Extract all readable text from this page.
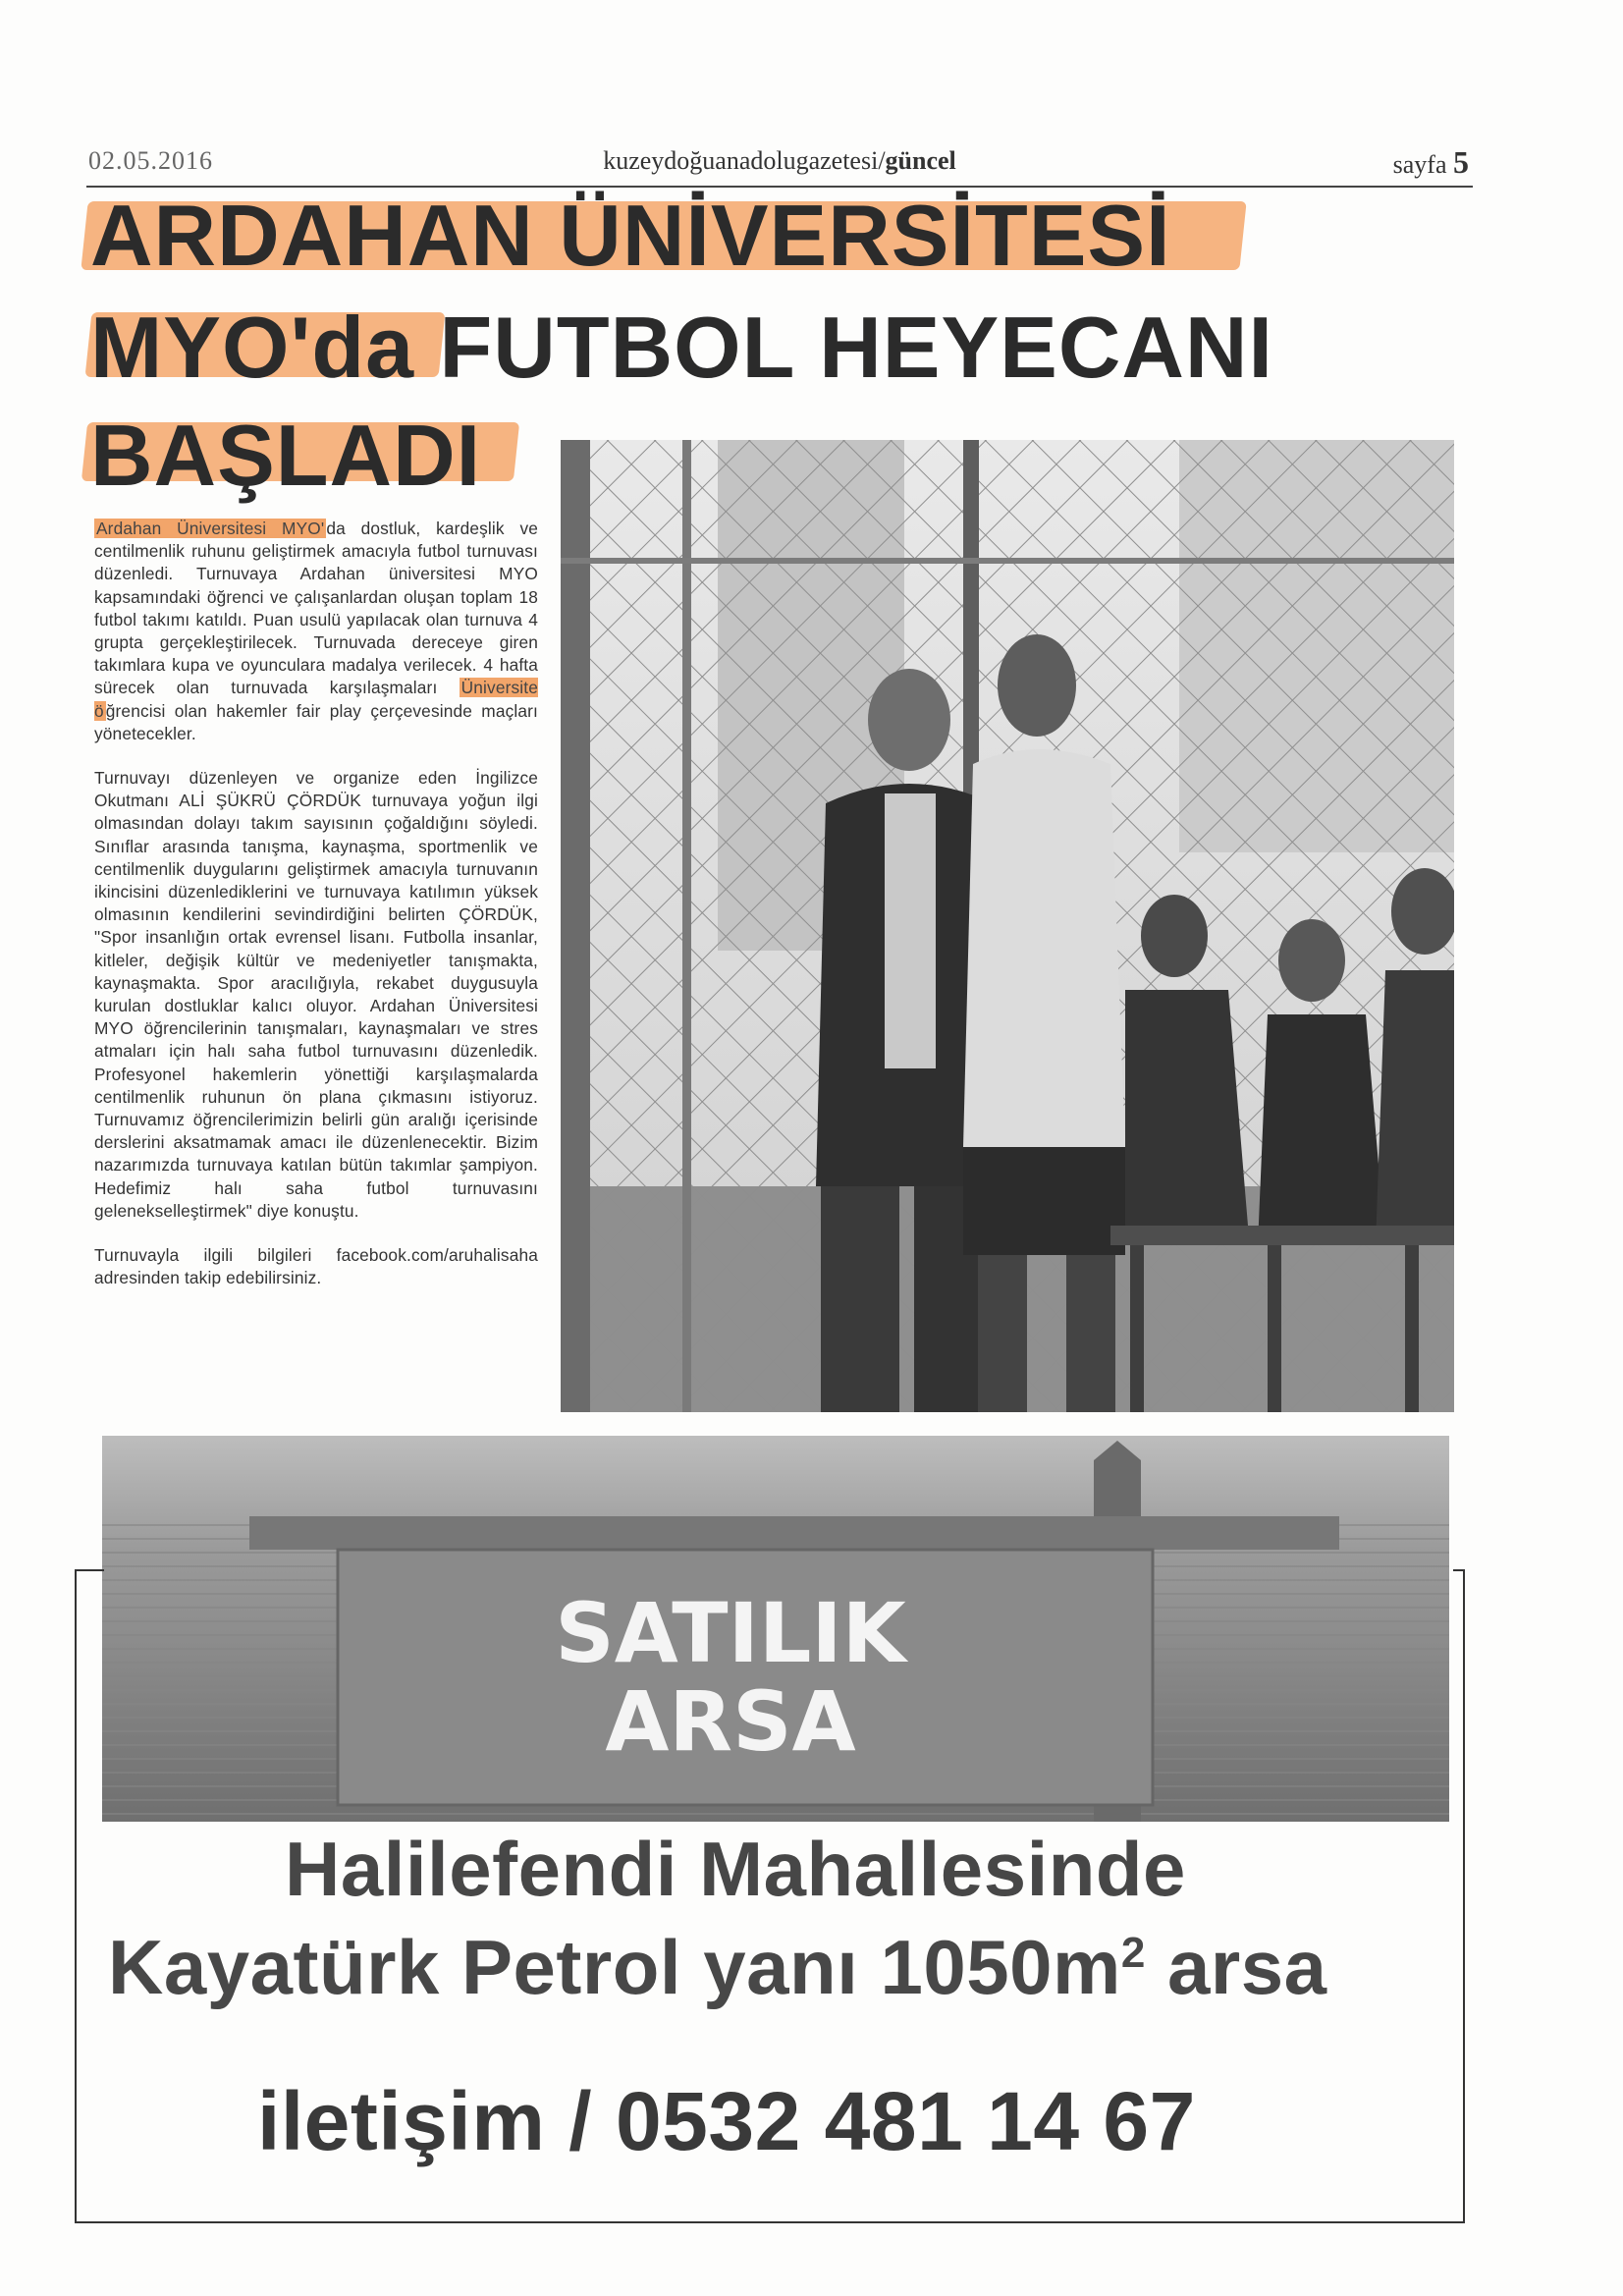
02.05.2016	kuzeydoğuanadolugazetesi/güncel	sayfa 5
ARDAHAN ÜNİVERSİTESİ
MYO'da FUTBOL HEYECANI
BAŞLADI

Ardahan Üniversitesi MYO' da dostluk, kardeşlik ve centilmenlik ruhunu geliştirmek amacıyla futbol turnuvası düzenledi. Turnuvaya Ardahan üniversitesi MYO kapsamındaki öğrenci ve çalışanlardan oluşan toplam 18 futbol takımı katıldı. Puan usulü yapılacak olan turnuva 4 grupta gerçekleştirilecek. Turnuvada dereceye giren takımlara kupa ve oyunculara madalya verilecek. 4 hafta sürecek olan turnuvada karşılaşmaları Üniversite ö ğrencisi olan hakemler fair play çerçevesinde maçları yönetecekler.

Turnuvayı düzenleyen ve organize eden İngilizce Okutmanı ALİ ŞÜKRÜ ÇÖRDÜK turnuvaya yoğun ilgi olmasından dolayı takım sayısının çoğaldığını söyledi. Sınıflar arasında tanışma, kaynaşma, sportmenlik ve centilmenlik duygularını geliştirmek amacıyla turnuvanın ikincisini düzenlediklerini ve turnuvaya katılımın yüksek olmasının kendilerini sevindirdiğini belirten ÇÖRDÜK, "Spor insanlığın ortak evrensel lisanı. Futbolla insanlar, kitleler, değişik kültür ve medeniyetler tanışmakta, kaynaşmakta. Spor aracılığıyla, rekabet duygusuyla kurulan dostluklar kalıcı oluyor. Ardahan Üniversitesi MYO öğrencilerinin tanışmaları, kaynaşmaları ve stres atmaları için halı saha futbol turnuvasını düzenledik. Profesyonel hakemlerin yönettiği karşılaşmalarda centilmenlik ruhunun ön plana çıkmasını istiyoruz. Turnuvamız öğrencilerimizin belirli gün aralığı içerisinde derslerini aksatmamak amacı ile düzenlenecektir. Bizim nazarımızda turnuvaya katılan bütün takımlar şampiyon. Hedefimiz halı saha futbol turnuvasını gelenekselleştirmek" diye konuştu.

Turnuvayla ilgili bilgileri facebook.com/aruhalisaha adresinden takip edebilirsiniz.

SATILIK
ARSA
Halilefendi Mahallesinde
Kayatürk Petrol yanı $1050m^2$ arsa
iletişim / 0532 481 14 67
